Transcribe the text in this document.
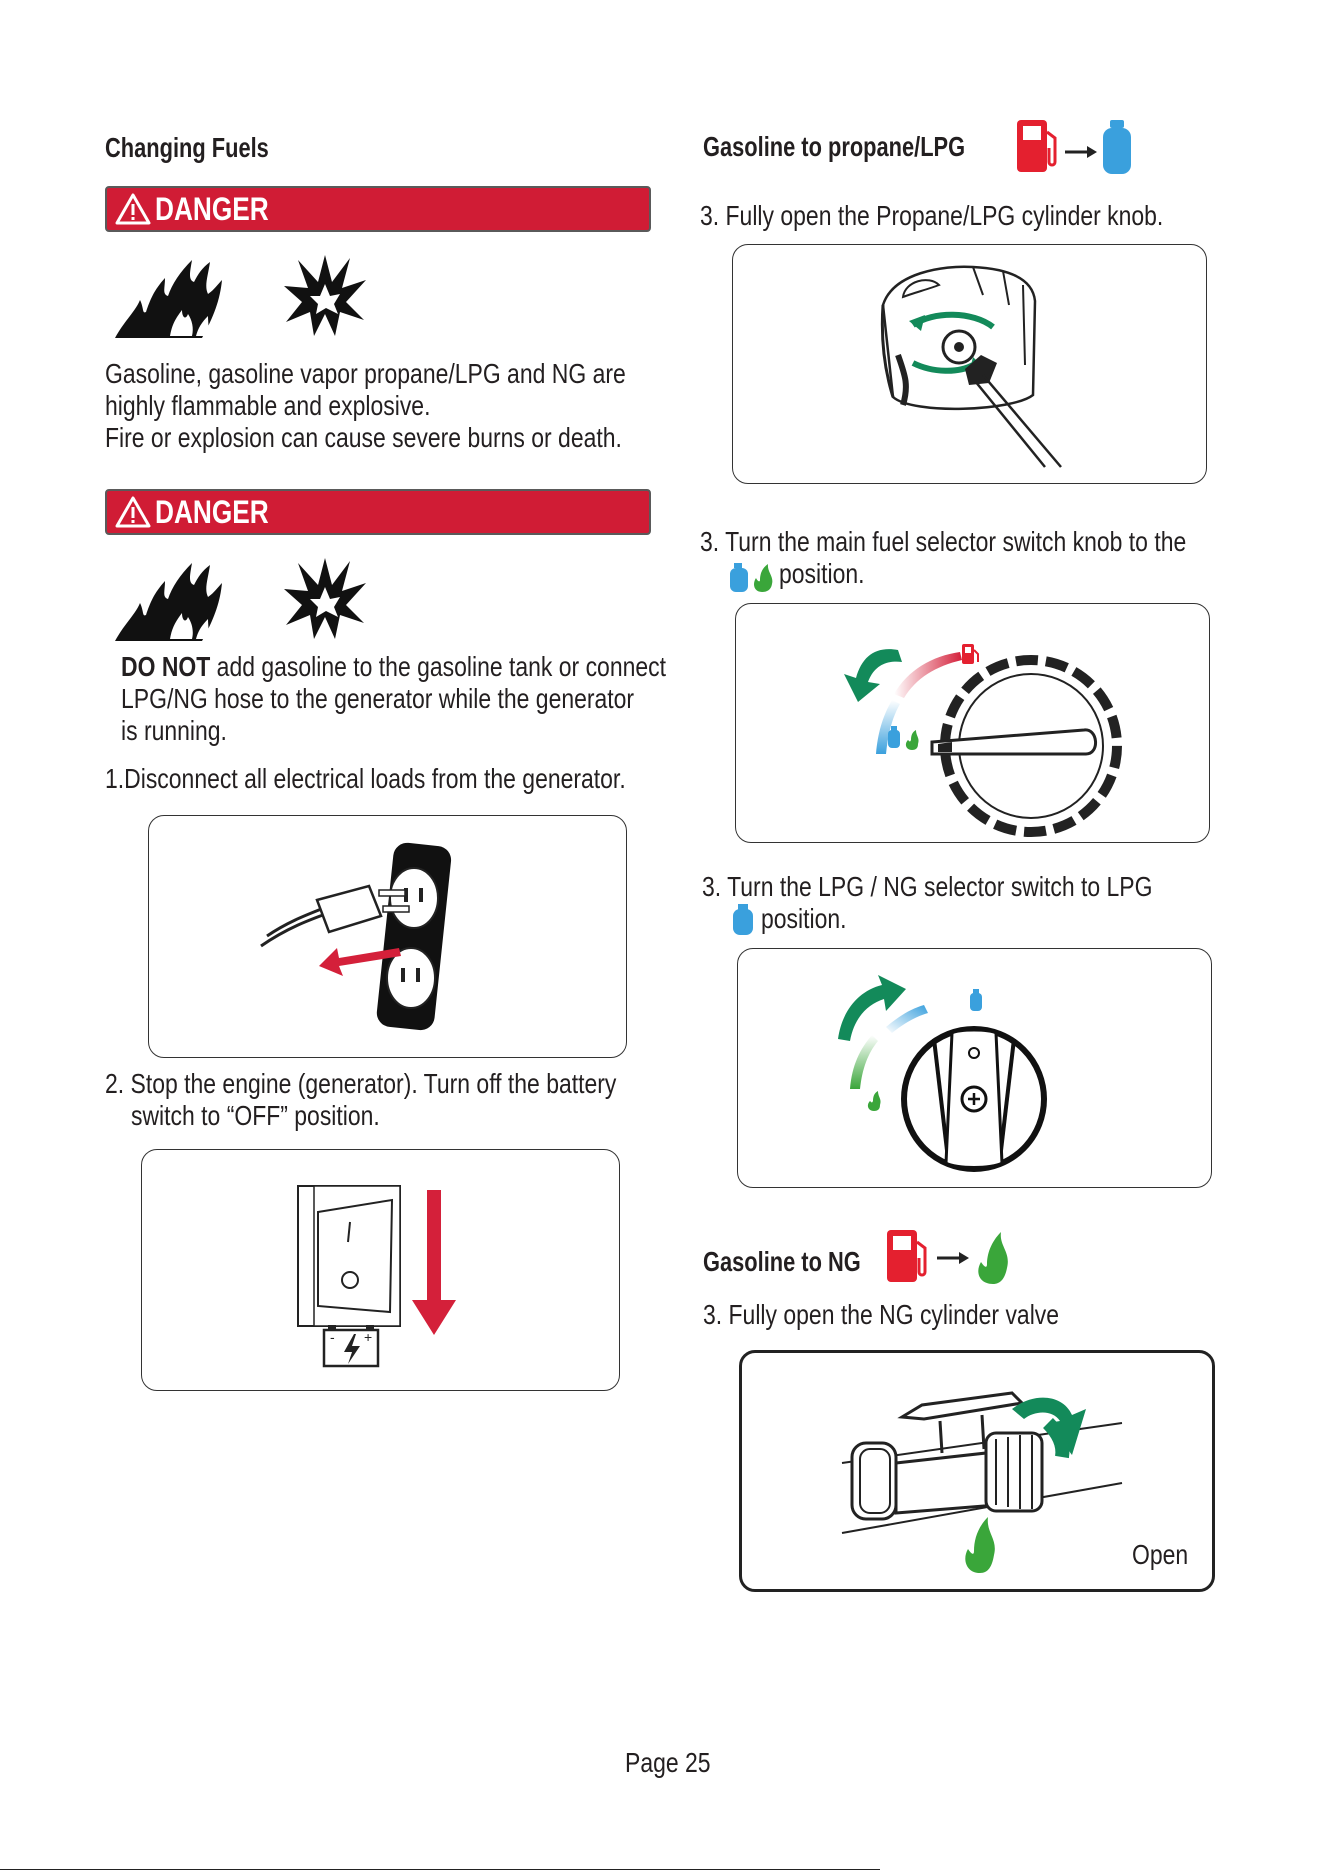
Changing Fuels
DANGER
Gasoline, gasoline vapor propane/LPG and NG are
highly flammable and explosive.
Fire or explosion can cause severe burns or death.
DANGER
DO NOT add gasoline to the gasoline tank or connect
LPG/NG hose to the generator while the generator
is running.
1.Disconnect all electrical loads from the generator.
2. Stop the engine (generator). Turn off the battery
switch to “OFF” position.
- +
Gasoline to propane/LPG
3. Fully open the Propane/LPG cylinder knob.
3. Turn the main fuel selector switch knob to the
position.
3. Turn the LPG / NG selector switch to LPG
position.
Gasoline to NG
3. Fully open the NG cylinder valve
Open
Page 25
